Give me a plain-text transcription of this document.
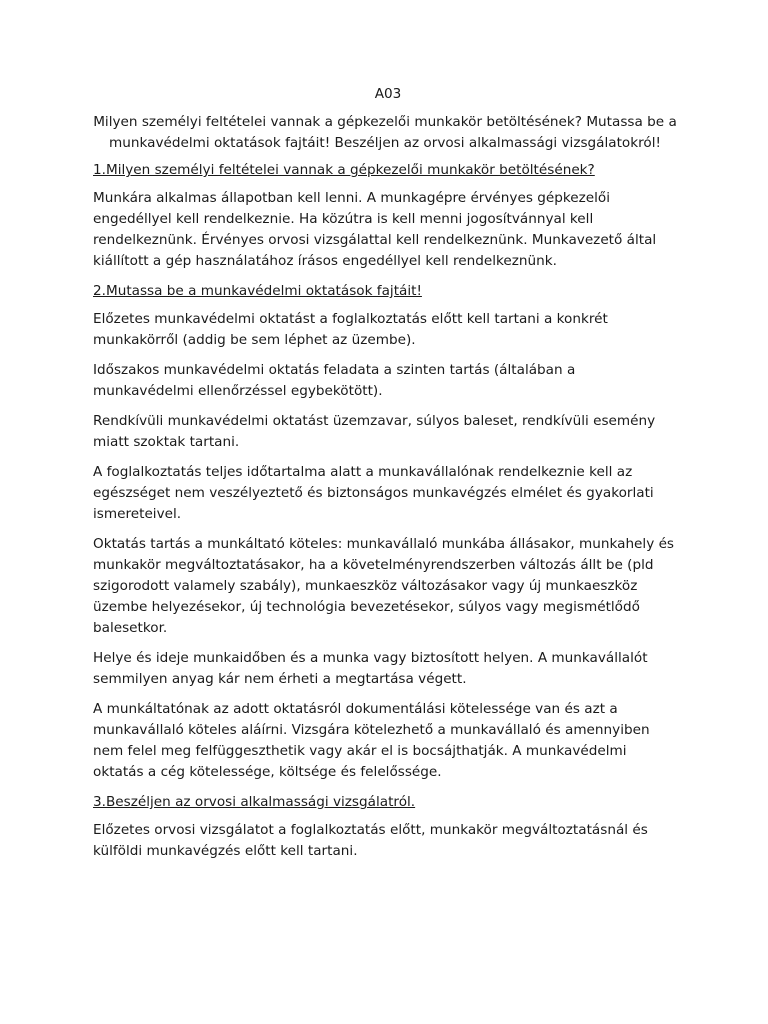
A03

Milyen személyi feltételei vannak a gépkezelői munkakör betöltésének? Mutassa be a munkavédelmi oktatások fajtáit! Beszéljen az orvosi alkalmassági vizsgálatokról!

1.Milyen személyi feltételei vannak a gépkezelői munkakör betöltésének?

Munkára alkalmas állapotban kell lenni. A munkagépre érvényes gépkezelői engedéllyel kell rendelkeznie. Ha közútra is kell menni jogosítvánnyal kell rendelkeznünk. Érvényes orvosi vizsgálattal kell rendelkeznünk. Munkavezető által kiállított a gép használatához írásos engedéllyel kell rendelkeznünk.

2.Mutassa be a munkavédelmi oktatások fajtáit!

Előzetes munkavédelmi oktatást a foglalkoztatás előtt kell tartani a konkrét munkakörről (addig be sem léphet az üzembe).

Időszakos munkavédelmi oktatás feladata a szinten tartás (általában a munkavédelmi ellenőrzéssel egybekötött).

Rendkívüli munkavédelmi oktatást üzemzavar, súlyos baleset, rendkívüli esemény miatt szoktak tartani.

A foglalkoztatás teljes időtartalma alatt a munkavállalónak rendelkeznie kell az egészséget nem veszélyeztető és biztonságos munkavégzés elmélet és gyakorlati ismereteivel.

Oktatás tartás a munkáltató köteles: munkavállaló munkába állásakor, munkahely és munkakör megváltoztatásakor, ha a követelményrendszerben változás állt be (pld szigorodott valamely szabály), munkaeszköz változásakor vagy új munkaeszköz üzembe helyezésekor, új technológia bevezetésekor, súlyos vagy megismétlődő balesetkor.

Helye és ideje munkaidőben és a munka vagy biztosított helyen. A munkavállalót semmilyen anyag kár nem érheti a megtartása végett.

A munkáltatónak az adott oktatásról dokumentálási kötelessége van és azt a munkavállaló köteles aláírni. Vizsgára kötelezhető a munkavállaló és amennyiben nem felel meg felfüggeszthetik vagy akár el is bocsájthatják. A munkavédelmi oktatás a cég kötelessége, költsége és felelőssége.

3.Beszéljen az orvosi alkalmassági vizsgálatról.

Előzetes orvosi vizsgálatot a foglalkoztatás előtt, munkakör megváltoztatásnál és külföldi munkavégzés előtt kell tartani.
